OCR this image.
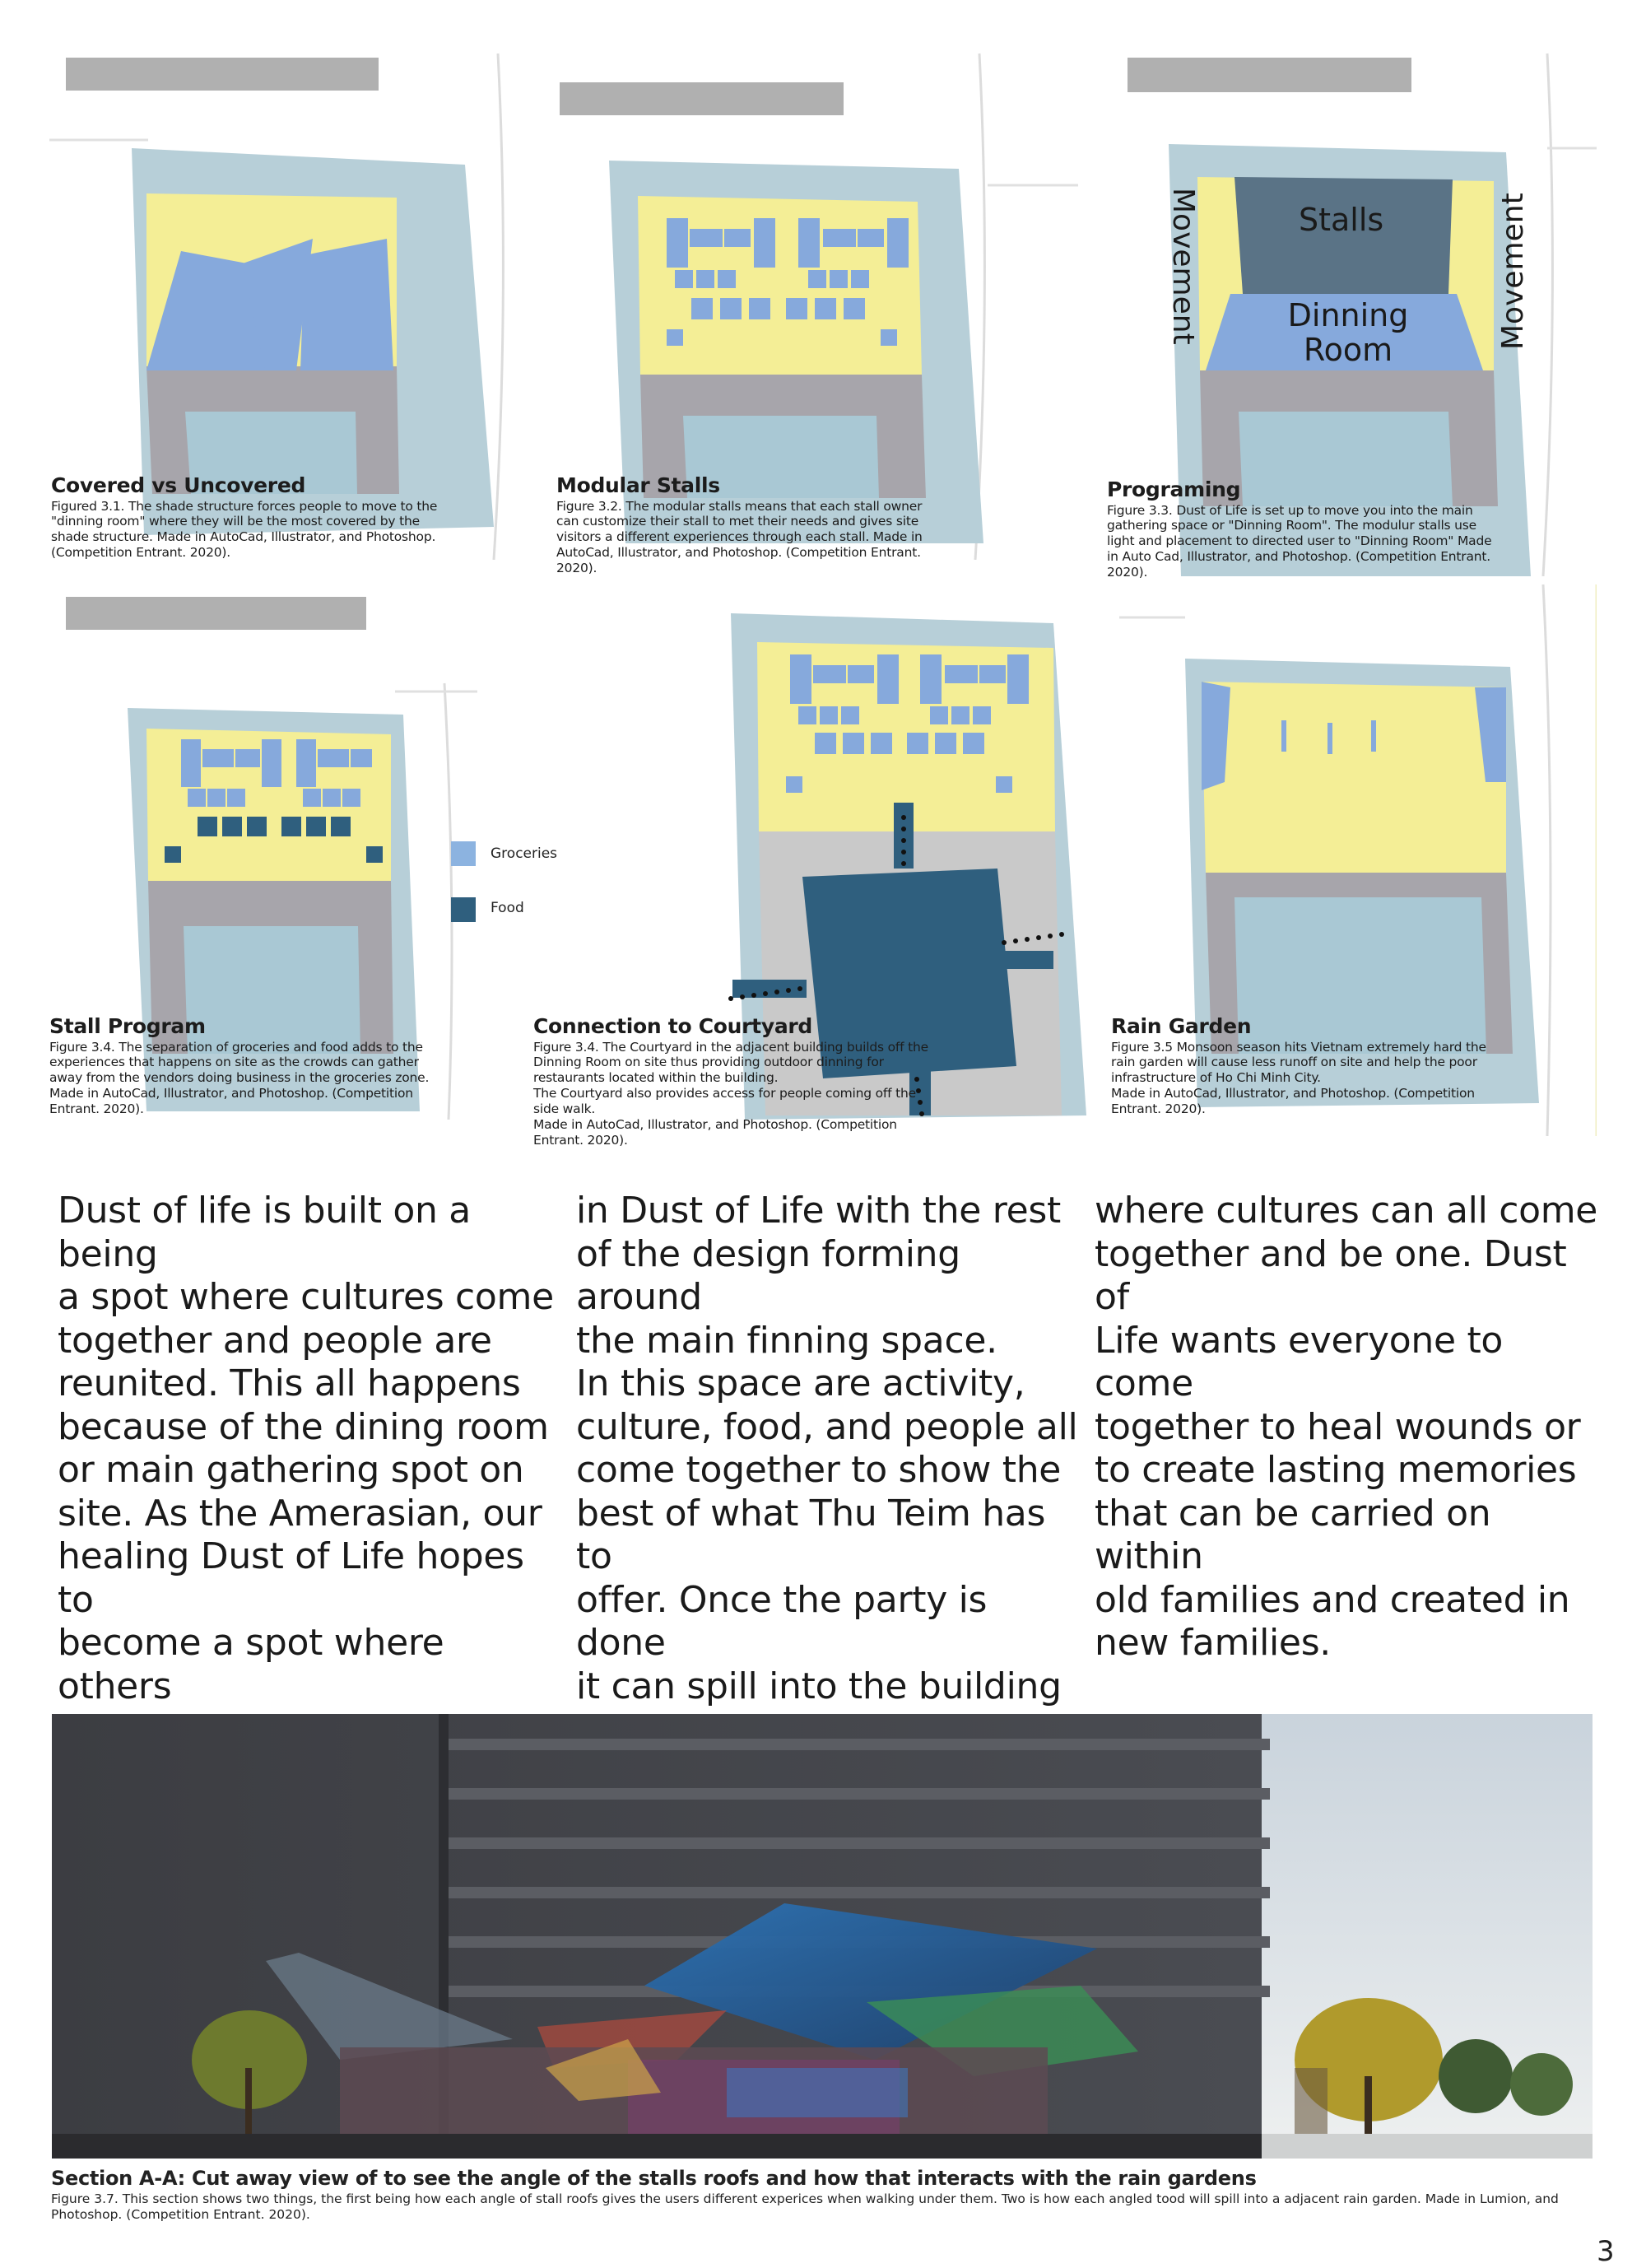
Covered vs Uncovered
Figured 3.1. The shade structure forces people to move to the "dinning room" where they will be the most covered by the shade structure. Made in AutoCad, Illustrator, and Photoshop. (Competition Entrant. 2020).
Modular Stalls
Figure 3.2. The modular stalls means that each stall owner can customize their stall to met their needs and gives site visitors a different experiences through each stall. Made in AutoCad, Illustrator, and Photoshop. (Competition Entrant. 2020).
Stalls
Dinning
Room
Movement	Movement
Programing
Figure 3.3. Dust of Life is set up to move you into the main gathering space or "Dinning Room". The modulur stalls use light and placement to directed user to "Dinning Room" Made in Auto Cad, Illustrator, and Photoshop. (Competition Entrant. 2020).
Stall Program
Figure 3.4. The separation of groceries and food adds to the experiences that happens on site as the crowds can gather away from the vendors doing business in the groceries zone. Made in AutoCad, Illustrator, and Photoshop. (Competition Entrant. 2020).
Groceries
Food
Connection to Courtyard
Figure 3.4. The Courtyard in the adjacent building builds off the Dinning Room on site thus providing outdoor dinning for restaurants located within the building.
The Courtyard also provides access for people coming off the side walk.
Made in AutoCad, Illustrator, and Photoshop. (Competition Entrant. 2020).
Rain Garden
Figure 3.5 Monsoon season hits Vietnam extremely hard the rain garden will cause less runoff on site and help the poor infrastructure of Ho Chi Minh City.
Made in AutoCad, Illustrator, and Photoshop. (Competition Entrant. 2020).
Dust of life is built on a being
a spot where cultures come
together and people are
reunited. This all happens
because of the dining room
or main gathering spot on
site. As the Amerasian, our
healing Dust of Life hopes to
become a spot where others

in Dust of Life with the rest
of the design forming around
the main finning space.
In this space are activity,
culture, food, and people all
come together to show the
best of what Thu Teim has to
offer. Once the party is done
it can spill into the building

where cultures can all come
together and be one. Dust of
Life wants everyone to come
together to heal wounds or
to create lasting memories
that can be carried on within
old families and created in
new families.
Section A-A: Cut away view of to see the angle of the stalls roofs and how that interacts with the rain gardens
Figure 3.7. This section shows two things, the first being how each angle of stall roofs gives the users different experices when walking under them. Two is how each angled tood will spill into a adjacent rain garden. Made in Lumion, and Photoshop. (Competition Entrant. 2020).
3
